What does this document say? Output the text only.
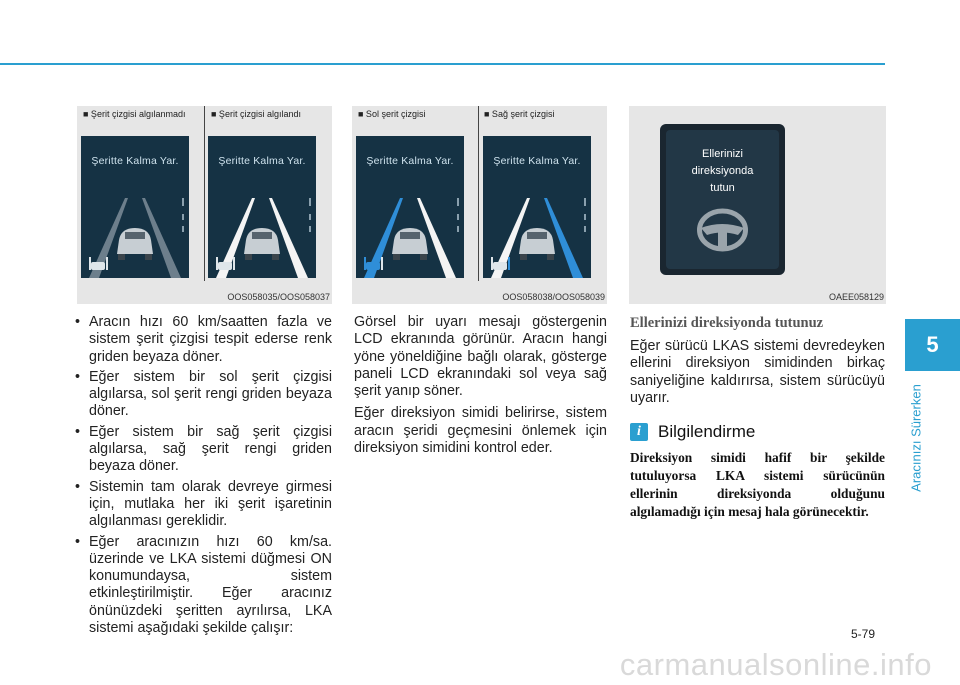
5
Aracınızı Sürerken
■ Şerit çizgisi algılanmadı	■ Şerit çizgisi algılandı
Şeritte Kalma Yar.	Şeritte Kalma Yar.
OOS058035/OOS058037
■ Sol şerit çizgisi	■ Sağ şerit çizgisi
Şeritte Kalma Yar.	Şeritte Kalma Yar.
OOS058038/OOS058039
Ellerinizi
direksiyonda
tutun
OAEE058129
• Aracın hızı 60 km/saatten fazla ve sistem şerit çizgisi tespit ederse renk griden beyaza döner.
• Eğer sistem bir sol şerit çizgisi algılarsa, sol şerit rengi griden beyaza döner.
• Eğer sistem bir sağ şerit çizgisi algılarsa, sağ şerit rengi griden beyaza döner.
• Sistemin tam olarak devreye girmesi için, mutlaka her iki şerit işaretinin algılanması gereklidir.
• Eğer aracınızın hızı 60 km/sa. üzerinde ve LKA sistemi düğmesi ON konumundaysa, sistem etkinleştirilmiştir. Eğer aracınız önünüzdeki şeritten ayrılırsa, LKA sistemi aşağıdaki şekilde çalışır:

Görsel bir uyarı mesajı göstergenin LCD ekranında görünür. Aracın hangi yöne yöneldiğine bağlı olarak, gösterge paneli LCD ekranındaki sol veya sağ şerit yanıp söner.

Eğer direksiyon simidi belirirse, sistem aracın şeridi geçmesini önlemek için direksiyon simidini kontrol eder.

Ellerinizi direksiyonda tutunuz

Eğer sürücü LKAS sistemi devredeyken ellerini direksiyon simidinden birkaç saniyeliğine kaldırırsa, sistem sürücüyü uyarır.

i	Bilgilendirme

Direksiyon simidi hafif bir şekilde tutuluyorsa LKA sistemi sürücünün ellerinin direksiyonda olduğunu algılamadığı için mesaj hala görünecektir.

5-79
carmanualsonline.info
